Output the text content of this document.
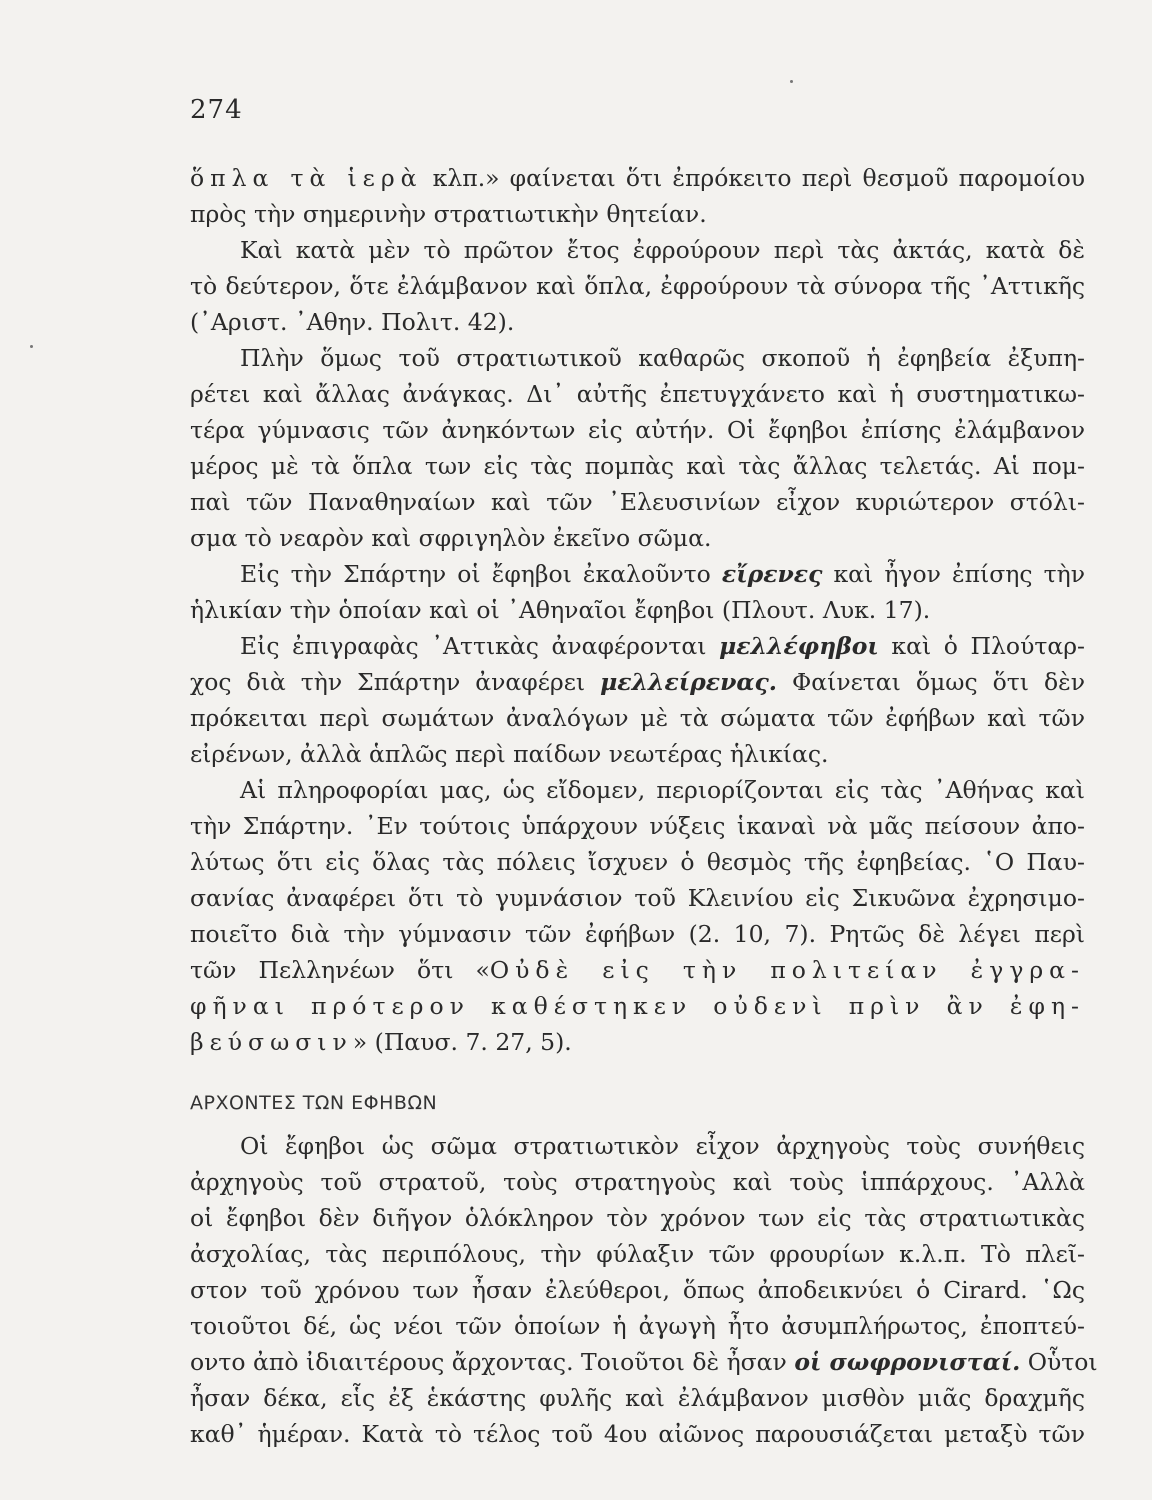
274
ὅπλα τὰ ἱερὰ κλπ.» φαίνεται ὅτι ἐπρόκειτο περὶ θεσμοῦ παρομοίου
πρὸς τὴν σημερινὴν στρατιωτικὴν θητείαν.
Καὶ κατὰ μὲν τὸ πρῶτον ἔτος ἐφρούρουν περὶ τὰς ἀκτάς, κατὰ δὲ
τὸ δεύτερον, ὅτε ἐλάμβανον καὶ ὅπλα, ἐφρούρουν τὰ σύνορα τῆς ᾿Αττικῆς
(᾿Αριστ. ᾿Αθην. Πολιτ. 42).
Πλὴν ὅμως τοῦ στρατιωτικοῦ καθαρῶς σκοποῦ ἡ ἐφηβεία ἐξυπη-
ρέτει καὶ ἄλλας ἀνάγκας. Δι᾿ αὐτῆς ἐπετυγχάνετο καὶ ἡ συστηματικω-
τέρα γύμνασις τῶν ἀνηκόντων εἰς αὐτήν. Οἱ ἔφηβοι ἐπίσης ἐλάμβανον
μέρος μὲ τὰ ὅπλα των εἰς τὰς πομπὰς καὶ τὰς ἄλλας τελετάς. Αἱ πομ-
παὶ τῶν Παναθηναίων καὶ τῶν ᾿Ελευσινίων εἶχον κυριώτερον στόλι-
σμα τὸ νεαρὸν καὶ σφριγηλὸν ἐκεῖνο σῶμα.
Εἰς τὴν Σπάρτην οἱ ἔφηβοι ἐκαλοῦντο εἴρενες καὶ ἦγον ἐπίσης τὴν
ἡλικίαν τὴν ὁποίαν καὶ οἱ ᾿Αθηναῖοι ἔφηβοι (Πλουτ. Λυκ. 17).
Εἰς ἐπιγραφὰς ᾿Αττικὰς ἀναφέρονται μελλέφηβοι καὶ ὁ Πλούταρ-
χος διὰ τὴν Σπάρτην ἀναφέρει μελλείρενας. Φαίνεται ὅμως ὅτι δὲν
πρόκειται περὶ σωμάτων ἀναλόγων μὲ τὰ σώματα τῶν ἐφήβων καὶ τῶν
εἰρένων, ἀλλὰ ἁπλῶς περὶ παίδων νεωτέρας ἡλικίας.
Αἱ πληροφορίαι μας, ὡς εἴδομεν, περιορίζονται εἰς τὰς ᾿Αθήνας καὶ
τὴν Σπάρτην. ᾿Εν τούτοις ὑπάρχουν νύξεις ἱκαναὶ νὰ μᾶς πείσουν ἀπο-
λύτως ὅτι εἰς ὅλας τὰς πόλεις ἴσχυεν ὁ θεσμὸς τῆς ἐφηβείας. ῾Ο Παυ-
σανίας ἀναφέρει ὅτι τὸ γυμνάσιον τοῦ Κλεινίου εἰς Σικυῶνα ἐχρησιμο-
ποιεῖτο διὰ τὴν γύμνασιν τῶν ἐφήβων (2. 10, 7). Ρητῶς δὲ λέγει περὶ
τῶν Πελληνέων ὅτι «Οὐδὲ εἰς τὴν πολιτείαν ἐγγρα-
φῆναι πρότερον καθέστηκεν οὐδενὶ πρὶν ἂν ἐφη-
βεύσωσιν» (Παυσ. 7. 27, 5).
ΑΡΧΟΝΤΕΣ ΤΩΝ ΕΦΗΒΩΝ
Οἱ ἔφηβοι ὡς σῶμα στρατιωτικὸν εἶχον ἀρχηγοὺς τοὺς συνήθεις
ἀρχηγοὺς τοῦ στρατοῦ, τοὺς στρατηγοὺς καὶ τοὺς ἱππάρχους. ᾿Αλλὰ
οἱ ἔφηβοι δὲν διῆγον ὁλόκληρον τὸν χρόνον των εἰς τὰς στρατιωτικὰς
ἀσχολίας, τὰς περιπόλους, τὴν φύλαξιν τῶν φρουρίων κ.λ.π. Τὸ πλεῖ-
στον τοῦ χρόνου των ἦσαν ἐλεύθεροι, ὅπως ἀποδεικνύει ὁ Cirard. ῾Ως
τοιοῦτοι δέ, ὡς νέοι τῶν ὁποίων ἡ ἀγωγὴ ἦτο ἀσυμπλήρωτος, ἐποπτεύ-
οντο ἀπὸ ἰδιαιτέρους ἄρχοντας. Τοιοῦτοι δὲ ἦσαν οἱ σωφρονισταί. Οὗτοι
ἦσαν δέκα, εἷς ἐξ ἑκάστης φυλῆς καὶ ἐλάμβανον μισθὸν μιᾶς δραχμῆς
καθ᾿ ἡμέραν. Κατὰ τὸ τέλος τοῦ 4ου αἰῶνος παρουσιάζεται μεταξὺ τῶν
